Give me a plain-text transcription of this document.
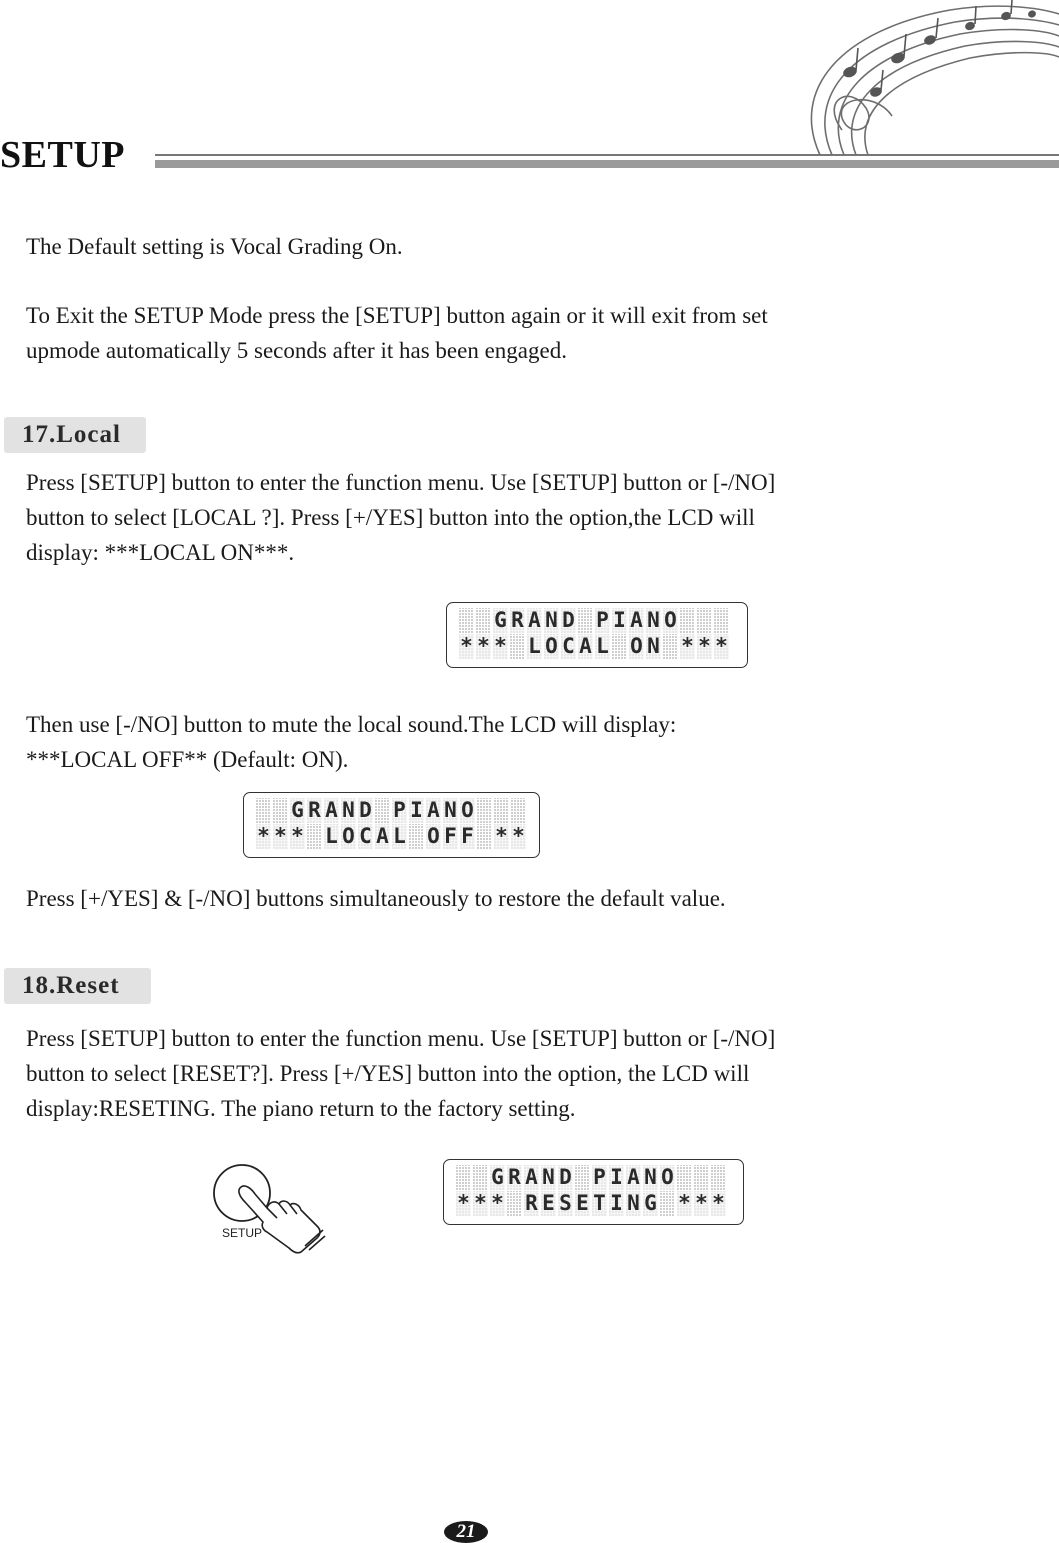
SETUP

The Default setting is Vocal Grading On.

To Exit the SETUP Mode press the [SETUP] button again or it will exit from set

upmode automatically 5 seconds after it has been engaged.

17.Local

Press [SETUP] button to enter the function menu. Use [SETUP] button or [-/NO]

button to select [LOCAL ?]. Press [+/YES] button into the option,the LCD will

display: ***LOCAL ON***.

G R A N D P I A N O
* * * L O C A L O N * * *

Then use [-/NO] button to mute the local sound.The LCD will display:

***LOCAL OFF** (Default: ON).

G R A N D P I A N O
* * * L O C A L O F F * *

Press [+/YES] & [-/NO] buttons simultaneously to restore the default value.

18.Reset

Press [SETUP] button to enter the function menu. Use [SETUP] button or [-/NO]

button to select [RESET?]. Press [+/YES] button into the option, the LCD will

display:RESETING. The piano return to the factory setting.

SETUP
G R A N D P I A N O
* * * R E S E T I N G * * *
21
